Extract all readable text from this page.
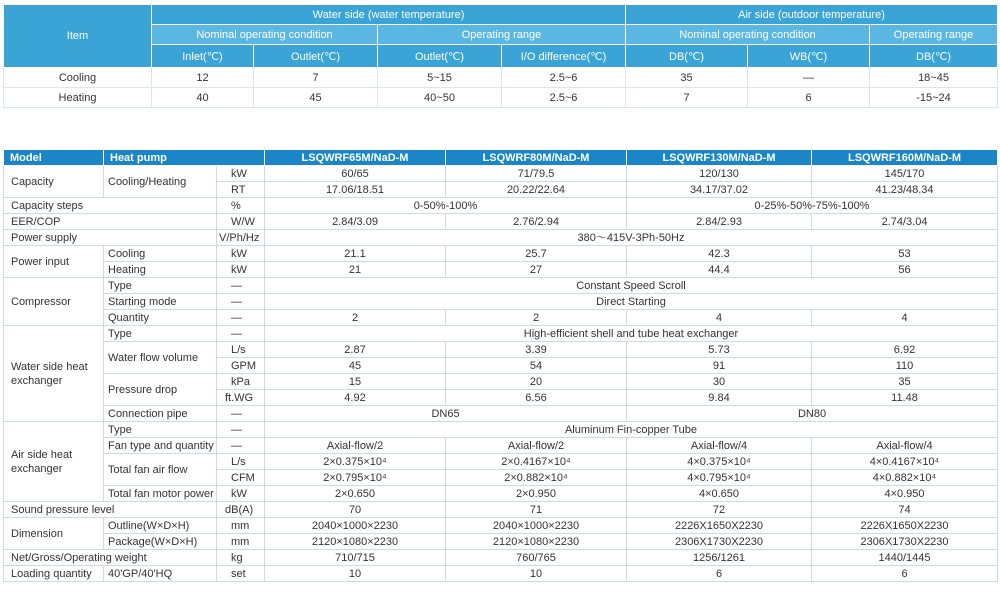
Item	Water side (water temperature)				Air side (outdoor temperature)		
	Nominal operating condition		Operating range		Nominal operating condition		Operating range
	Inlet(℃)	Outlet(℃)	Outlet(℃)	I/O difference(℃)	DB(℃)	WB(℃)	DB(℃)
Cooling	12	7	5~15	2.5~6	35	—	18~45
Heating	40	45	40~50	2.5~6	7	6	-15~24
Model	Heat pump		LSQWRF65M/NaD-M	LSQWRF80M/NaD-M	LSQWRF130M/NaD-M	LSQWRF160M/NaD-M
Capacity	Cooling/Heating	kW	60/65	71/79.5	120/130	145/170
		RT	17.06/18.51	20.22/22.64	34.17/37.02	41.23/48.34
Capacity steps		%	0-50%-100%		0-25%-50%-75%-100%	
EER/COP		W/W	2.84/3.09	2.76/2.94	2.84/2.93	2.74/3.04
Power supply		V/Ph/Hz	380～415V-3Ph-50Hz			
Power input	Cooling	kW	21.1	25.7	42.3	53
	Heating	kW	21	27	44.4	56
Compressor	Type	—	Constant Speed Scroll			
	Starting mode	—	Direct Starting			
	Quantity	—	2	2	4	4
Water side heat exchanger	Type	—	High-efficient shell and tube heat exchanger			
	Water flow volume	L/s	2.87	3.39	5.73	6.92
		GPM	45	54	91	110
	Pressure drop	kPa	15	20	30	35
		ft.WG	4.92	6.56	9.84	11.48
	Connection pipe	—	DN65		DN80	
Air side heat exchanger	Type	—	Aluminum Fin-copper Tube			
	Fan type and quantity	—	Axial-flow/2	Axial-flow/2	Axial-flow/4	Axial-flow/4
	Total fan air flow	L/s	2×0.375×10⁴	2×0.4167×10⁴	4×0.375×10⁴	4×0.4167×10⁴
		CFM	2×0.795×10⁴	2×0.882×10⁴	4×0.795×10⁴	4×0.882×10⁴
	Total fan motor power	kW	2×0.650	2×0.950	4×0.650	4×0.950
Sound pressure level		dB(A)	70	71	72	74
Dimension	Outline(W×D×H)	mm	2040×1000×2230	2040×1000×2230	2226X1650X2230	2226X1650X2230
	Package(W×D×H)	mm	2120×1080×2230	2120×1080×2230	2306X1730X2230	2306X1730X2230
Net/Gross/Operating weight		kg	710/715	760/765	1256/1261	1440/1445
Loading quantity	40'GP/40'HQ	set	10	10	6	6
